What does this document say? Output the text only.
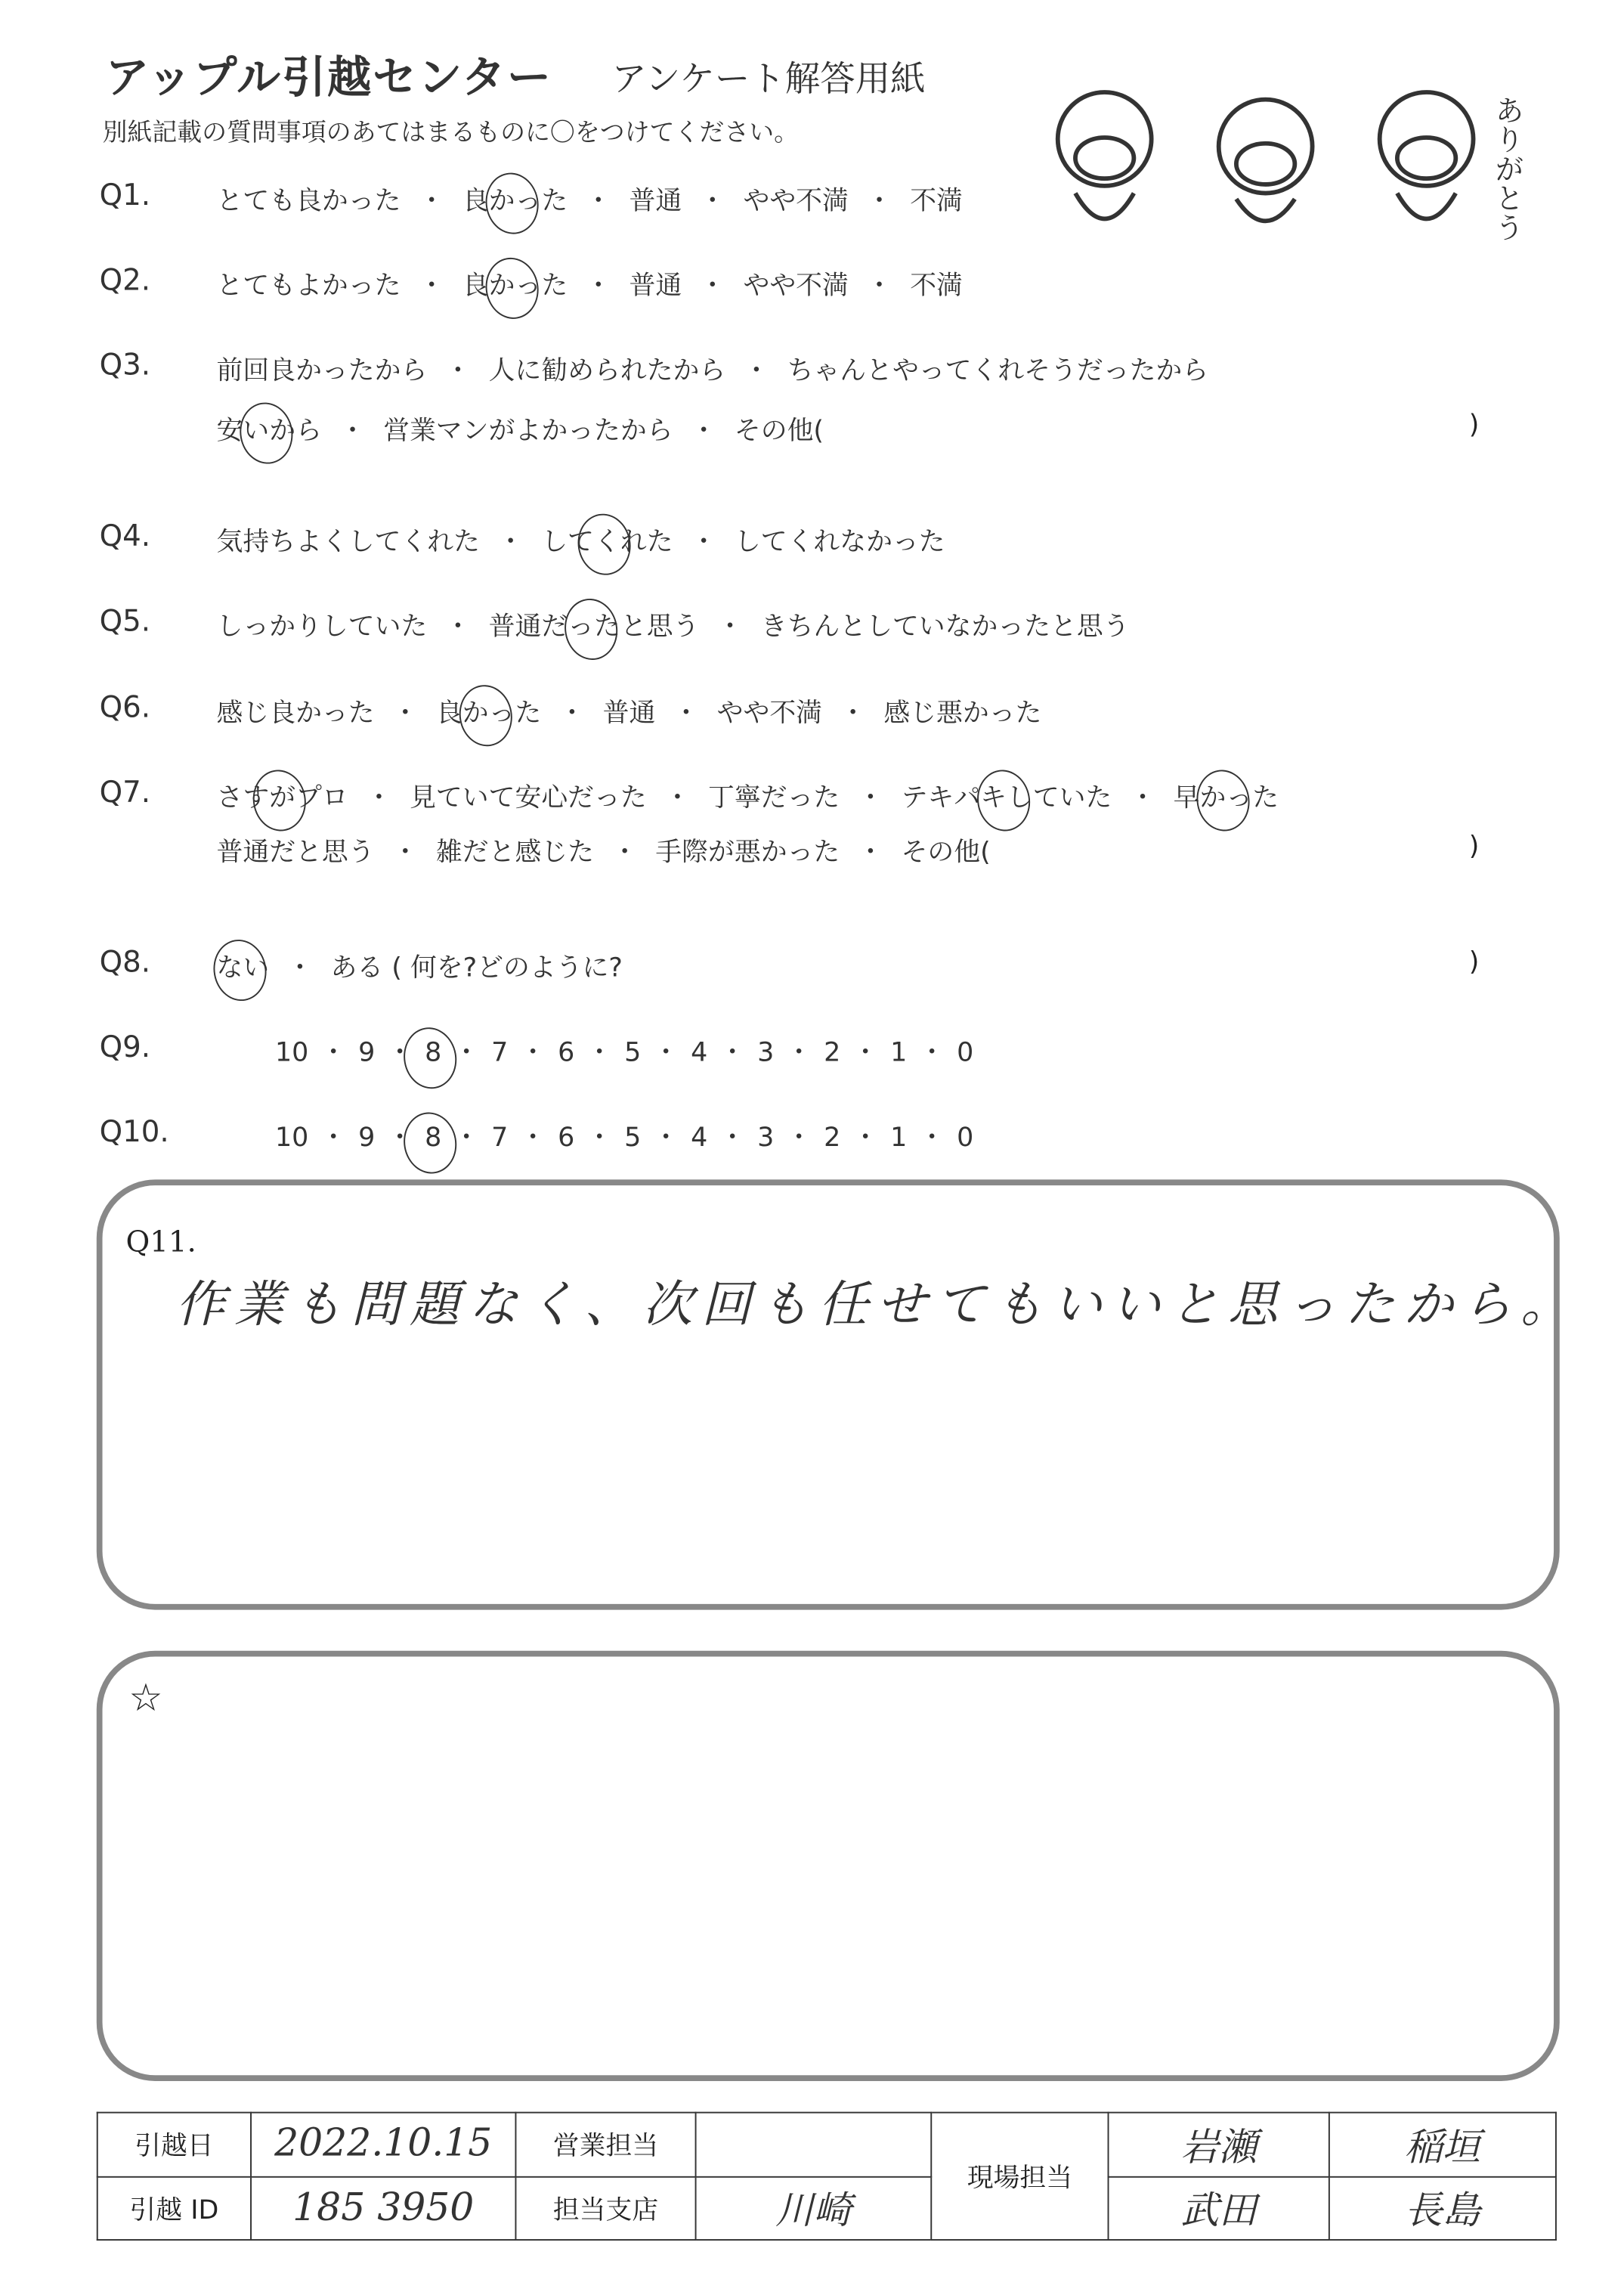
アップル引越センター	アンケート解答用紙
別紙記載の質問事項のあてはまるものに〇をつけてください。	ありがとう
Q1.	とても良かった ・ 良かった ・ 普通 ・ やや不満 ・ 不満
Q2.	とてもよかった ・ 良かった ・ 普通 ・ やや不満 ・ 不満
Q3.	前回良かったから ・ 人に勧められたから ・ ちゃんとやってくれそうだったから
安いから ・ 営業マンがよかったから ・ その他(	)
Q4.	気持ちよくしてくれた ・ してくれた ・ してくれなかった
Q5.	しっかりしていた ・ 普通だったと思う ・ きちんとしていなかったと思う
Q6.	感じ良かった ・ 良かった ・ 普通 ・ やや不満 ・ 感じ悪かった
Q7.	さすがプロ ・ 見ていて安心だった ・ 丁寧だった ・ テキパキしていた ・ 早かった
普通だと思う ・ 雑だと感じた ・ 手際が悪かった ・ その他(	)
Q8.	ない ・ ある ( 何を?どのように?	)
Q9.	10 ・ 9 ・ 8 ・ 7 ・ 6 ・ 5 ・ 4 ・ 3 ・ 2 ・ 1 ・ 0
Q10.	10 ・ 9 ・ 8 ・ 7 ・ 6 ・ 5 ・ 4 ・ 3 ・ 2 ・ 1 ・ 0
Q11.
作業も問題なく、次回も任せてもいいと思ったから。
☆
引越日	2022.10.15	営業担当		現場担当	岩瀬	稲垣
引越 ID	185 3950	担当支店	川崎		武田	長島
